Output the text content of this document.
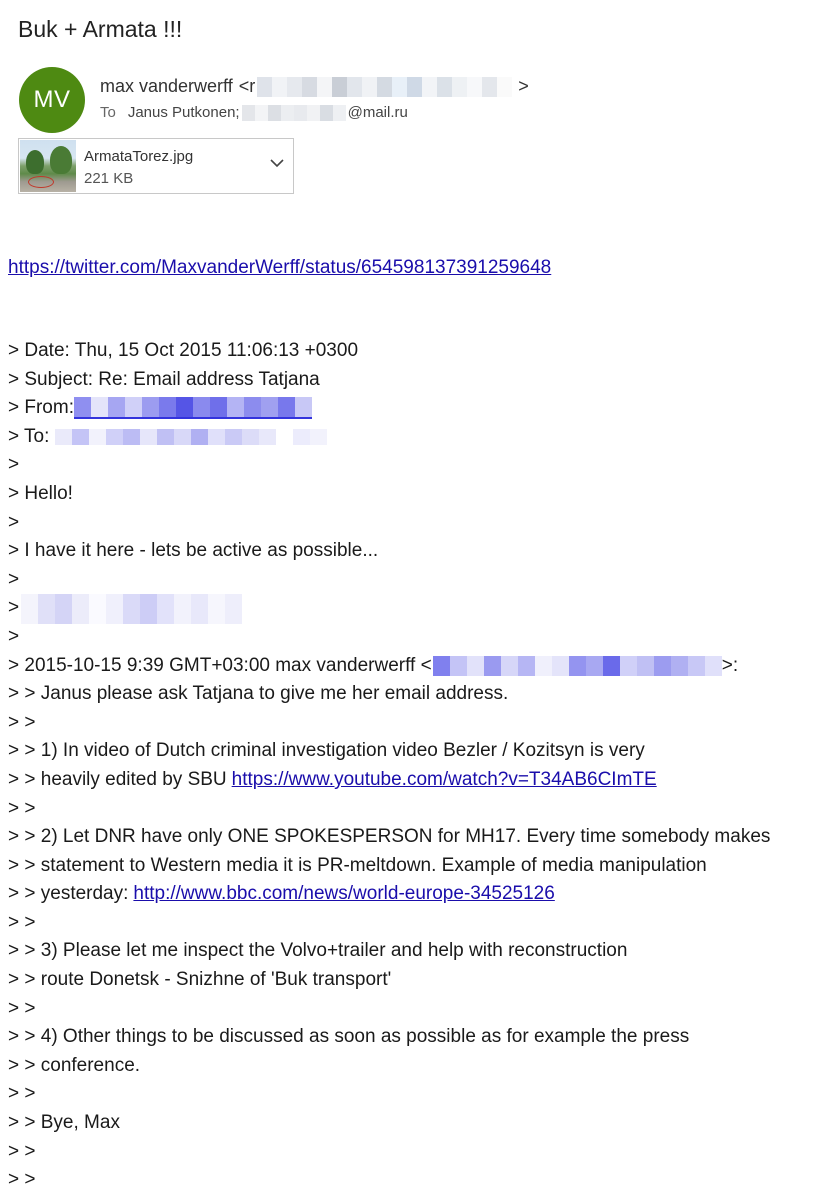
Buk + Armata !!!
MV max vanderwerff <r	>
To Janus Putkonen;	@mail.ru
ArmataTorez.jpg
221 KB
https://twitter.com/MaxvanderWerff/status/654598137391259648
> Date: Thu, 15 Oct 2015 11:06:13 +0300
> Subject: Re: Email address Tatjana
> From:
> To:
>
> Hello!
>
> I have it here - lets be active as possible...
>
>
>
> 2015-10-15 9:39 GMT+03:00 max vanderwerff <	>:
> > Janus please ask Tatjana to give me her email address.
> >
> > 1) In video of Dutch criminal investigation video Bezler / Kozitsyn is very
> > heavily edited by SBU https://www.youtube.com/watch?v=T34AB6CImTE
> >
> > 2) Let DNR have only ONE SPOKESPERSON for MH17. Every time somebody makes
> > statement to Western media it is PR-meltdown. Example of media manipulation
> > yesterday: http://www.bbc.com/news/world-europe-34525126
> >
> > 3) Please let me inspect the Volvo+trailer and help with reconstruction
> > route Donetsk - Snizhne of 'Buk transport'
> >
> > 4) Other things to be discussed as soon as possible as for example the press
> > conference.
> >
> > Bye, Max
> >
> >
